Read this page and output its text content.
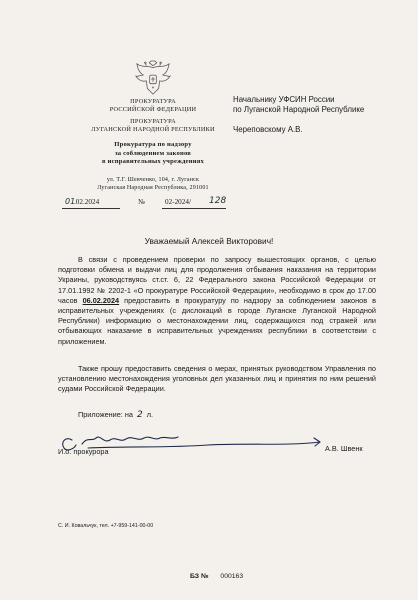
ПРОКУРАТУРА
РОССИЙСКОЙ ФЕДЕРАЦИИ
ПРОКУРАТУРА
ЛУГАНСКОЙ НАРОДНОЙ РЕСПУБЛИКИ
Прокуратура по надзору
за соблюдением законов
в исправительных учреждениях
ул. Т.Г. Шевченко, 104, г. Луганск
Луганская Народная Республика, 291001
01
.02.2024	№	02-2024/ 128
Начальнику УФСИН России
по Луганской Народной Республике
Череповскому А.В.
Уважаемый Алексей Викторович!
В связи с проведением проверки по запросу вышестоящих органов, с целью подготовки обмена и выдачи лиц для продолжения отбывания наказания на территории Украины, руководствуясь ст.ст. 6, 22 Федерального закона Российской Федерации от 17.01.1992 № 2202-1 «О прокуратуре Российской Федерации», необходимо в срок до 17.00 часов 06.02.2024 предоставить в прокуратуру по надзору за соблюдением законов в исправительных учреждениях (с дислокаций в городе Луганске Луганской Народной Республики) информацию о местонахождении лиц, содержащихся под стражей или отбывающих наказание в исправительных учреждениях республики в соответствии с приложением.
Также прошу предоставить сведения о мерах, принятых руководством Управления по установлению местонахождения уголовных дел указанных лиц и принятия по ним решений судами Российской Федерации.
Приложение: на 2 л.
И.о. прокурора	А.В. Швенк
С. И. Ковальчук, тел. +7-959-141-00-00
БЗ № 000163
